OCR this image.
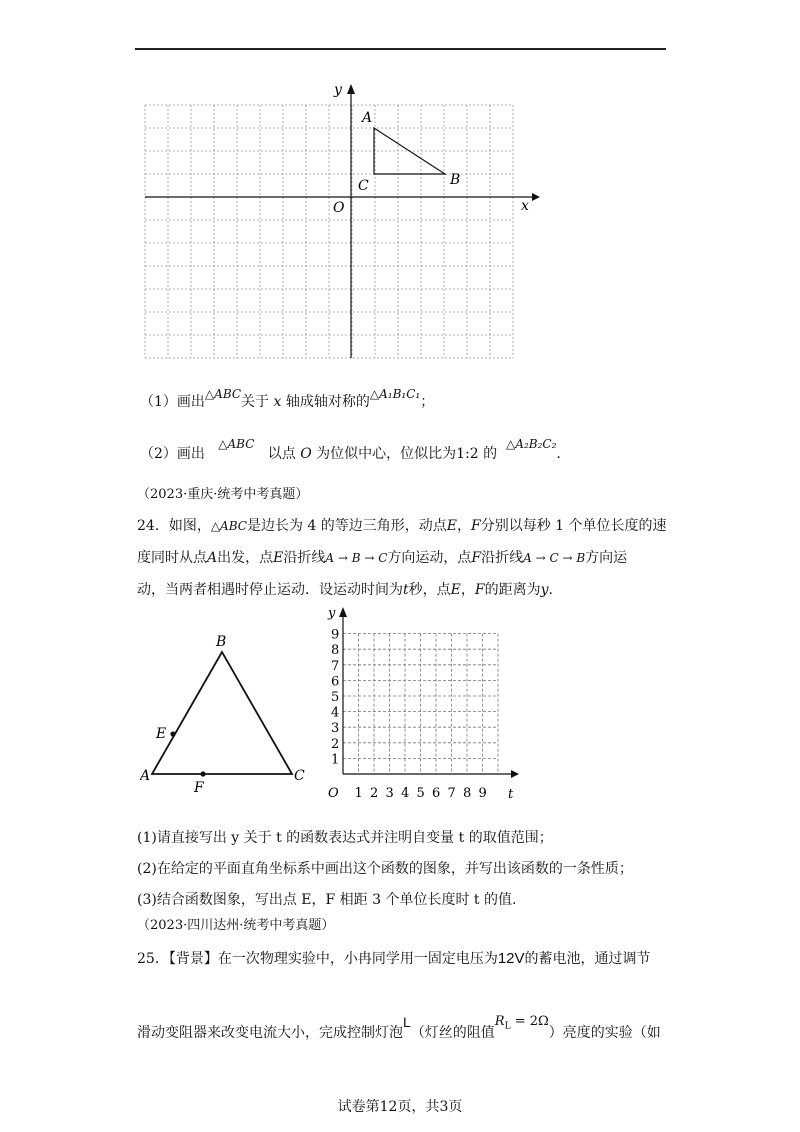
x
y
O
A
B
C
（1）画出△ABC关于 x 轴成轴对称的△A₁B₁C₁；
（2）画出   △ABC   以点 O 为位似中心，位似比为1:2 的  △A₂B₂C₂.
（2023·重庆·统考中考真题）
24．如图，△ABC是边长为 4 的等边三角形，动点E，F分别以每秒 1 个单位长度的速
度同时从点A出发，点E沿折线A → B → C方向运动，点F沿折线A → C → B方向运
动，当两者相遇时停止运动．设运动时间为t秒，点E，F的距离为y.
B
E
A
F
C
y
t
O 1 2 3 4 5 6 7 8 9
1
2
3
4
5
6
7
8
9
(1)请直接写出 y 关于 t 的函数表达式并注明自变量 t 的取值范围；
(2)在给定的平面直角坐标系中画出这个函数的图象，并写出该函数的一条性质；
(3)结合函数图象，写出点 E，F 相距 3 个单位长度时 t 的值.
（2023·四川达州·统考中考真题）
25．【背景】在一次物理实验中，小冉同学用一固定电压为12V的蓄电池，通过调节
滑动变阻器来改变电流大小，完成控制灯泡L（灯丝的阻值$R_L = 2\Omega$）亮度的实验（如
试卷第12页，共3页
